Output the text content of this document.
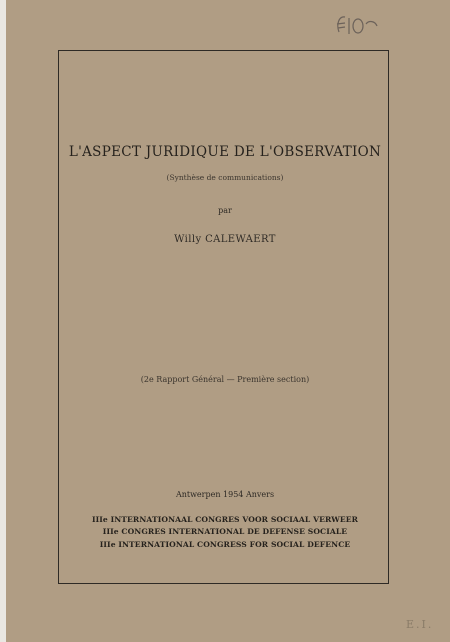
L'ASPECT JURIDIQUE DE L'OBSERVATION
(Synthèse de communications)
par
Willy CALEWAERT
(2e Rapport Général — Première section)
Antwerpen 1954 Anvers
IIIe INTERNATIONAAL CONGRES VOOR SOCIAAL VERWEER
IIIe CONGRES INTERNATIONAL DE DEFENSE SOCIALE
IIIe INTERNATIONAL CONGRESS FOR SOCIAL DEFENCE
E.I.
